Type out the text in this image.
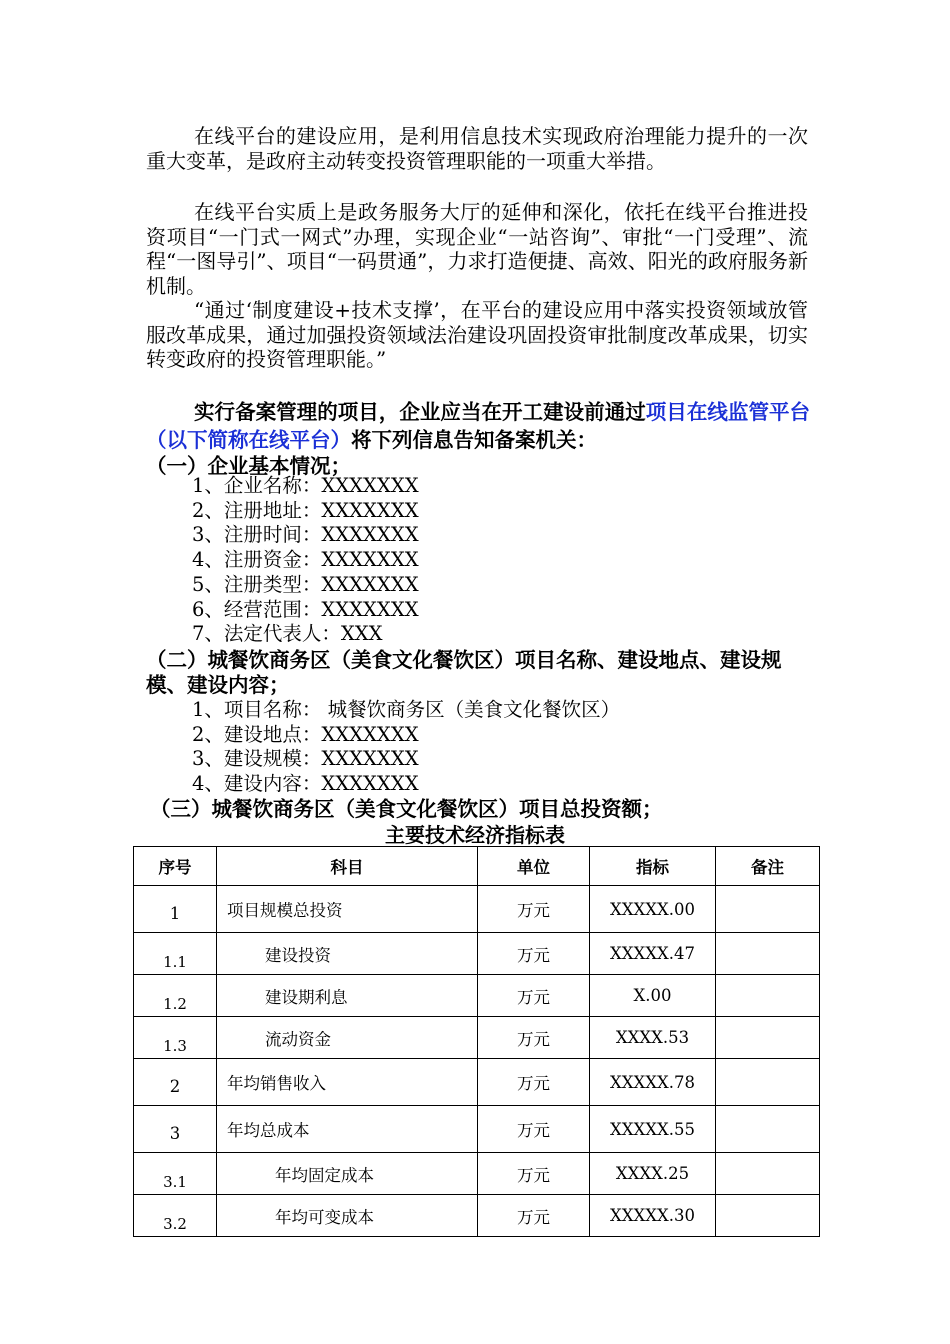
在线平台的建设应用，是利用信息技术实现政府治理能力提升的一次重大变革，是政府主动转变投资管理职能的一项重大举措。

在线平台实质上是政务服务大厅的延伸和深化，依托在线平台推进投资项目“一门式一网式”办理，实现企业“一站咨询”、审批“一门受理”、流程“一图导引”、项目“一码贯通”，力求打造便捷、高效、阳光的政府服务新机制。

“通过‘制度建设+技术支撑’，在平台的建设应用中落实投资领域放管服改革成果，通过加强投资领域法治建设巩固投资审批制度改革成果，切实转变政府的投资管理职能。”

实行备案管理的项目，企业应当在开工建设前通过项目在线监管平台（以下简称在线平台）将下列信息告知备案机关：

（一）企业基本情况；

1、企业名称：XXXXXXX
2、注册地址：XXXXXXX
3、注册时间：XXXXXXX
4、注册资金：XXXXXXX
5、注册类型：XXXXXXX
6、经营范围：XXXXXXX
7、法定代表人：XXX

（二）城餐饮商务区（美食文化餐饮区）项目名称、建设地点、建设规模、建设内容；

1、项目名称： 城餐饮商务区（美食文化餐饮区）
2、建设地点：XXXXXXX
3、建设规模：XXXXXXX
4、建设内容：XXXXXXX

（三）城餐饮商务区（美食文化餐饮区）项目总投资额；

主要技术经济指标表

序号	科目	单位	指标	备注
1	项目规模总投资	万元	XXXXX.00	
1.1	建设投资	万元	XXXXX.47	
1.2	建设期利息	万元	X.00	
1.3	流动资金	万元	XXXX.53	
2	年均销售收入	万元	XXXXX.78	
3	年均总成本	万元	XXXXX.55	
3.1	年均固定成本	万元	XXXX.25	
3.2	年均可变成本	万元	XXXXX.30	
